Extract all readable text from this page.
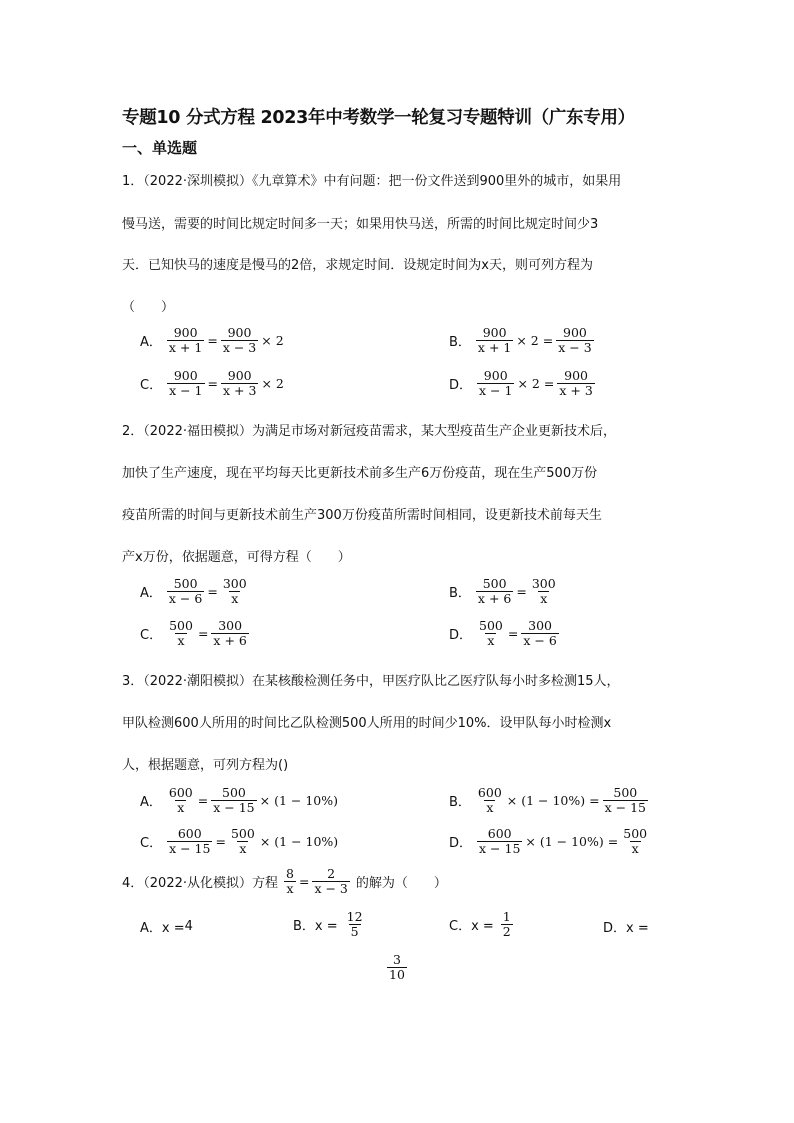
专题10 分式方程 2023年中考数学一轮复习专题特训（广东专用）
一、单选题
1．（2022·深圳模拟）《九章算术》中有问题：把一份文件送到900里外的城市，如果用
慢马送，需要的时间比规定时间多一天；如果用快马送，所需的时间比规定时间少3
天．已知快马的速度是慢马的2倍，求规定时间．设规定时间为x天，则可列方程为
（　　）
A． $\frac{900}{x + 1} = \frac{900}{x - 3} \times 2$	B． $\frac{900}{x + 1} \times 2 = \frac{900}{x - 3}$
C． $\frac{900}{x - 1} = \frac{900}{x + 3} \times 2$	D． $\frac{900}{x - 1} \times 2 = \frac{900}{x + 3}$
2．（2022·福田模拟）为满足市场对新冠疫苗需求，某大型疫苗生产企业更新技术后，
加快了生产速度，现在平均每天比更新技术前多生产6万份疫苗，现在生产500万份
疫苗所需的时间与更新技术前生产300万份疫苗所需时间相同，设更新技术前每天生
产x万份，依据题意，可得方程（　　）
A． $\frac{500}{x - 6} = \frac{300}{x}$	B． $\frac{500}{x + 6} = \frac{300}{x}$
C． $\frac{500}{x} = \frac{300}{x + 6}$	D． $\frac{500}{x} = \frac{300}{x - 6}$
3．（2022·潮阳模拟）在某核酸检测任务中，甲医疗队比乙医疗队每小时多检测15人，
甲队检测600人所用的时间比乙队检测500人所用的时间少10%．设甲队每小时检测x
人，根据题意，可列方程为()
A． $\frac{600}{x} = \frac{500}{x - 15} \times (1 - 10\%)$	B． $\frac{600}{x} \times (1 - 10\%) = \frac{500}{x - 15}$
C． $\frac{600}{x - 15} = \frac{500}{x} \times (1 - 10\%)$	D． $\frac{600}{x - 15} \times (1 - 10\%) = \frac{500}{x}$
4．（2022·从化模拟）方程 $\frac{8}{x} = \frac{2}{x - 3}$ 的解为（　　）
A．x = 4	B．$x = \frac{12}{5}$	C．$x = \frac{1}{2}$	D．x =
$\frac{3}{10}$
